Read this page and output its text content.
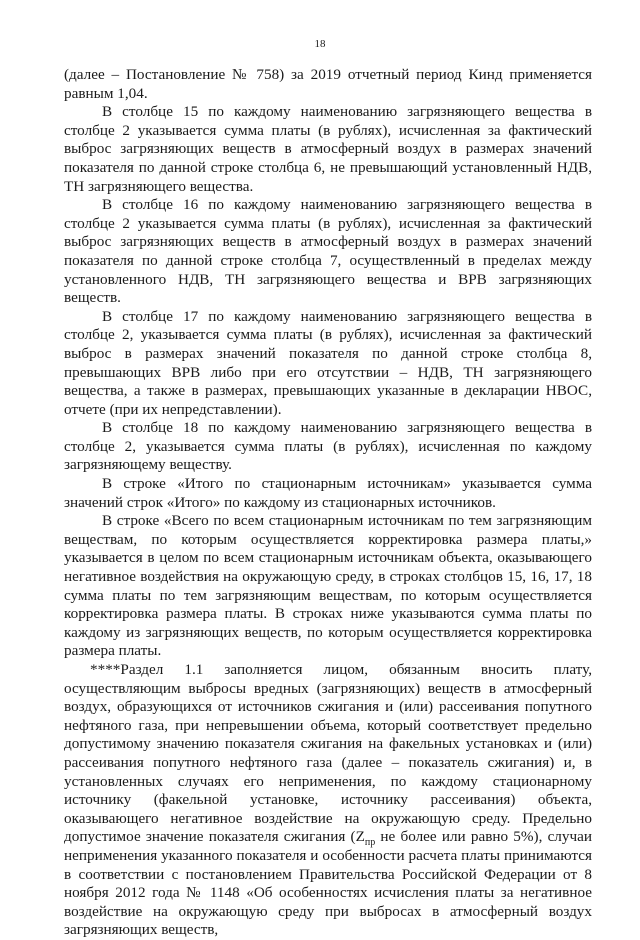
18

(далее – Постановление № 758) за 2019 отчетный период Кинд применяется равным 1,04.

В столбце 15 по каждому наименованию загрязняющего вещества в столбце 2 указывается сумма платы (в рублях), исчисленная за фактический выброс загрязняющих веществ в атмосферный воздух в размерах значений показателя по данной строке столбца 6, не превышающий установленный НДВ, ТН загрязняющего вещества.

В столбце 16 по каждому наименованию загрязняющего вещества в столбце 2 указывается сумма платы (в рублях), исчисленная за фактический выброс загрязняющих веществ в атмосферный воздух в размерах значений показателя по данной строке столбца 7, осуществленный в пределах между установленного НДВ, ТН загрязняющего вещества и ВРВ загрязняющих веществ.

В столбце 17 по каждому наименованию загрязняющего вещества в столбце 2, указывается сумма платы (в рублях), исчисленная за фактический выброс в размерах значений показателя по данной строке столбца 8, превышающих ВРВ либо при его отсутствии – НДВ, ТН загрязняющего вещества, а также в размерах, превышающих указанные в декларации НВОС, отчете (при их непредставлении).

В столбце 18 по каждому наименованию загрязняющего вещества в столбце 2, указывается сумма платы (в рублях), исчисленная по каждому загрязняющему веществу.

В строке «Итого по стационарным источникам» указывается сумма значений строк «Итого» по каждому из стационарных источников.

В строке «Всего по всем стационарным источникам по тем загрязняющим веществам, по которым осуществляется корректировка размера платы,» указывается в целом по всем стационарным источникам объекта, оказывающего негативное воздействия на окружающую среду, в строках столбцов 15, 16, 17, 18 сумма платы по тем загрязняющим веществам, по которым осуществляется корректировка размера платы. В строках ниже указываются сумма платы по каждому из загрязняющих веществ, по которым осуществляется корректировка размера платы.

****Раздел 1.1 заполняется лицом, обязанным вносить плату, осуществляющим выбросы вредных (загрязняющих) веществ в атмосферный воздух, образующихся от источников сжигания и (или) рассеивания попутного нефтяного газа, при непревышении объема, который соответствует предельно допустимому значению показателя сжигания на факельных установках и (или) рассеивания попутного нефтяного газа (далее – показатель сжигания) и, в установленных случаях его неприменения, по каждому стационарному источнику (факельной установке, источнику рассеивания) объекта, оказывающего негативное воздействие на окружающую среду. Предельно допустимое значение показателя сжигания ($Z_{пр}$ не более или равно 5%), случаи неприменения указанного показателя и особенности расчета платы принимаются в соответствии с постановлением Правительства Российской Федерации от 8 ноября 2012 года № 1148 «Об особенностях исчисления платы за негативное воздействие на окружающую среду при выбросах в атмосферный воздух загрязняющих веществ,
